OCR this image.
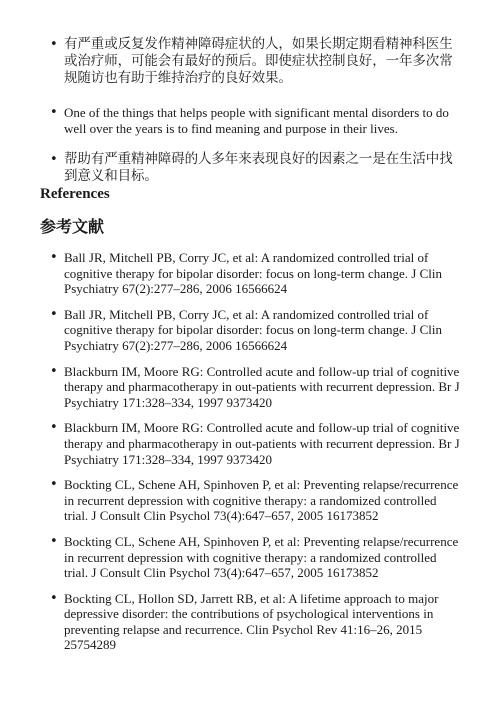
• 有严重或反复发作精神障碍症状的人，如果长期定期看精神科医生或治疗师，可能会有最好的预后。即使症状控制良好，一年多次常规随访也有助于维持治疗的良好效果。
• One of the things that helps people with significant mental disorders to do well over the years is to find meaning and purpose in their lives.
• 帮助有严重精神障碍的人多年来表现良好的因素之一是在生活中找到意义和目标。
References
参考文献
• Ball JR, Mitchell PB, Corry JC, et al: A randomized controlled trial of cognitive therapy for bipolar disorder: focus on long-term change. J Clin Psychiatry 67(2):277–286, 2006 16566624
• Ball JR, Mitchell PB, Corry JC, et al: A randomized controlled trial of cognitive therapy for bipolar disorder: focus on long-term change. J Clin Psychiatry 67(2):277–286, 2006 16566624
• Blackburn IM, Moore RG: Controlled acute and follow-up trial of cognitive therapy and pharmacotherapy in out-patients with recurrent depression. Br J Psychiatry 171:328–334, 1997 9373420
• Blackburn IM, Moore RG: Controlled acute and follow-up trial of cognitive therapy and pharmacotherapy in out-patients with recurrent depression. Br J Psychiatry 171:328–334, 1997 9373420
• Bockting CL, Schene AH, Spinhoven P, et al: Preventing relapse/recurrence in recurrent depression with cognitive therapy: a randomized controlled trial. J Consult Clin Psychol 73(4):647–657, 2005 16173852
• Bockting CL, Schene AH, Spinhoven P, et al: Preventing relapse/recurrence in recurrent depression with cognitive therapy: a randomized controlled trial. J Consult Clin Psychol 73(4):647–657, 2005 16173852
• Bockting CL, Hollon SD, Jarrett RB, et al: A lifetime approach to major depressive disorder: the contributions of psychological interventions in preventing relapse and recurrence. Clin Psychol Rev 41:16–26, 2015 25754289
